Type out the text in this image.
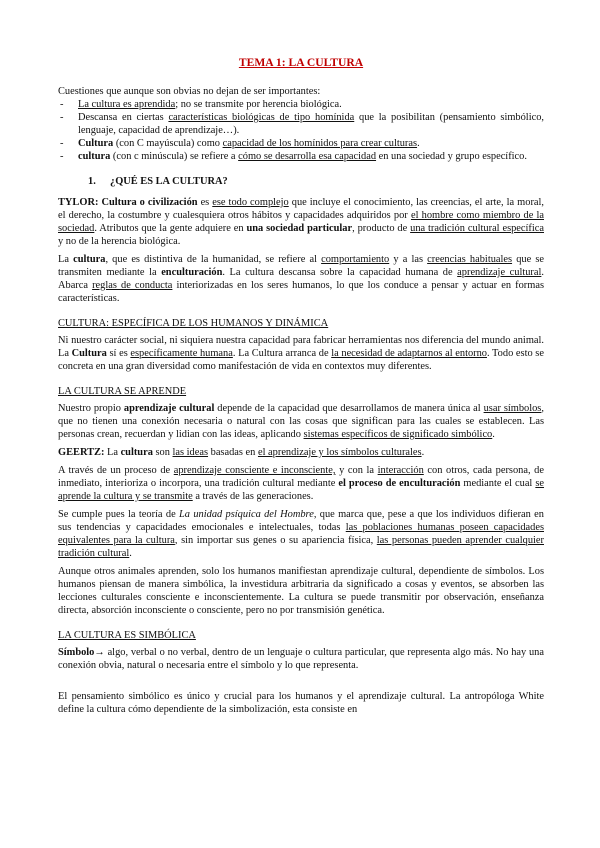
TEMA 1: LA CULTURA

Cuestiones que aunque son obvias no dejan de ser importantes:

- La cultura es aprendida; no se transmite por herencia biológica.
- Descansa en ciertas características biológicas de tipo homínida que la posibilitan (pensamiento simbólico, lenguaje, capacidad de aprendizaje…).
- Cultura (con C mayúscula) como capacidad de los homínidos para crear culturas.
- cultura (con c minúscula) se refiere a cómo se desarrolla esa capacidad en una sociedad y grupo específico.
1. ¿QUÉ ES LA CULTURA?

TYLOR: Cultura o civilización es ese todo complejo que incluye el conocimiento, las creencias, el arte, la moral, el derecho, la costumbre y cualesquiera otros hábitos y capacidades adquiridos por el hombre como miembro de la sociedad. Atributos que la gente adquiere en una sociedad particular, producto de una tradición cultural específica y no de la herencia biológica.

La cultura, que es distintiva de la humanidad, se refiere al comportamiento y a las creencias habituales que se transmiten mediante la enculturación. La cultura descansa sobre la capacidad humana de aprendizaje cultural. Abarca reglas de conducta interiorizadas en los seres humanos, lo que los conduce a pensar y actuar en formas características.

CULTURA: ESPECÍFICA DE LOS HUMANOS Y DINÁMICA

Ni nuestro carácter social, ni siquiera nuestra capacidad para fabricar herramientas nos diferencia del mundo animal. La Cultura sí es específicamente humana. La Cultura arranca de la necesidad de adaptarnos al entorno. Todo esto se concreta en una gran diversidad como manifestación de vida en contextos muy diferentes.

LA CULTURA SE APRENDE

Nuestro propio aprendizaje cultural depende de la capacidad que desarrollamos de manera única al usar símbolos, que no tienen una conexión necesaria o natural con las cosas que significan para las cuales se establecen. Las personas crean, recuerdan y lidian con las ideas, aplicando sistemas específicos de significado simbólico.

GEERTZ: La cultura son las ideas basadas en el aprendizaje y los símbolos culturales.

A través de un proceso de aprendizaje consciente e inconsciente, y con la interacción con otros, cada persona, de inmediato, interioriza o incorpora, una tradición cultural mediante el proceso de enculturación mediante el cual se aprende la cultura y se transmite a través de las generaciones.

Se cumple pues la teoría de La unidad psíquica del Hombre, que marca que, pese a que los individuos difieran en sus tendencias y capacidades emocionales e intelectuales, todas las poblaciones humanas poseen capacidades equivalentes para la cultura, sin importar sus genes o su apariencia física, las personas pueden aprender cualquier tradición cultural.

Aunque otros animales aprenden, solo los humanos manifiestan aprendizaje cultural, dependiente de símbolos. Los humanos piensan de manera simbólica, la investidura arbitraria da significado a cosas y eventos, se absorben las lecciones culturales consciente e inconscientemente. La cultura se puede transmitir por observación, enseñanza directa, absorción inconsciente o consciente, pero no por transmisión genética.

LA CULTURA ES SIMBÓLICA

Símbolo→ algo, verbal o no verbal, dentro de un lenguaje o cultura particular, que representa algo más. No hay una conexión obvia, natural o necesaria entre el símbolo y lo que representa.

El pensamiento simbólico es único y crucial para los humanos y el aprendizaje cultural. La antropóloga White define la cultura cómo dependiente de la simbolización, esta consiste en
